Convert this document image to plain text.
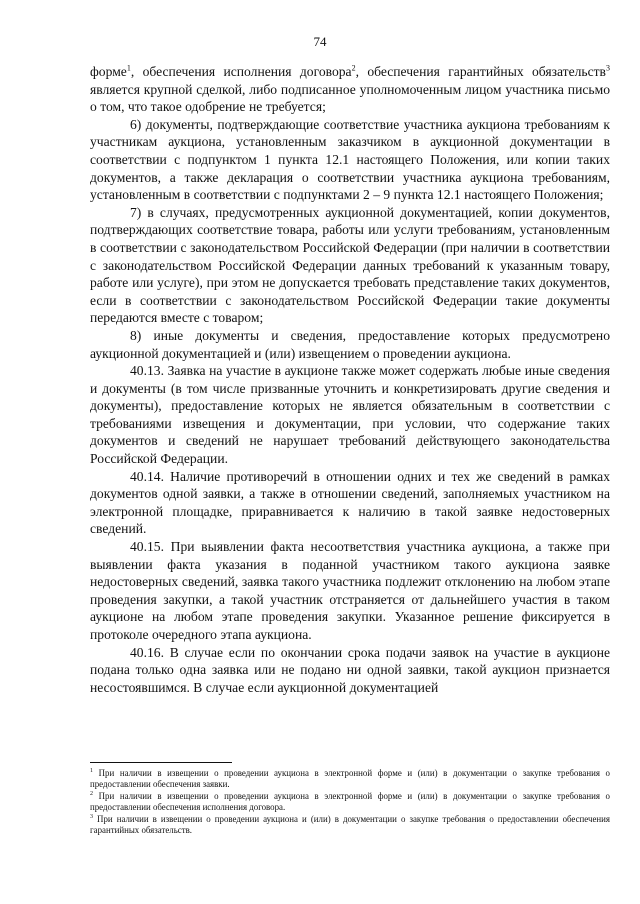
74

форме$^1$, обеспечения исполнения договора$^2$, обеспечения гарантийных обязательств$^3$ является крупной сделкой, либо подписанное уполномоченным лицом участника письмо о том, что такое одобрение не требуется;

6) документы, подтверждающие соответствие участника аукциона требованиям к участникам аукциона, установленным заказчиком в аукционной документации в соответствии с подпунктом 1 пункта 12.1 настоящего Положения, или копии таких документов, а также декларация о соответствии участника аукциона требованиям, установленным в соответствии с подпунктами 2 – 9 пункта 12.1 настоящего Положения;

7) в случаях, предусмотренных аукционной документацией, копии документов, подтверждающих соответствие товара, работы или услуги требованиям, установленным в соответствии с законодательством Российской Федерации (при наличии в соответствии с законодательством Российской Федерации данных требований к указанным товару, работе или услуге), при этом не допускается требовать представление таких документов, если в соответствии с законодательством Российской Федерации такие документы передаются вместе с товаром;

8) иные документы и сведения, предоставление которых предусмотрено аукционной документацией и (или) извещением о проведении аукциона.

40.13. Заявка на участие в аукционе также может содержать любые иные сведения и документы (в том числе призванные уточнить и конкретизировать другие сведения и документы), предоставление которых не является обязательным в соответствии с требованиями извещения и документации, при условии, что содержание таких документов и сведений не нарушает требований действующего законодательства Российской Федерации.

40.14. Наличие противоречий в отношении одних и тех же сведений в рамках документов одной заявки, а также в отношении сведений, заполняемых участником на электронной площадке, приравнивается к наличию в такой заявке недостоверных сведений.

40.15. При выявлении факта несоответствия участника аукциона, а также при выявлении факта указания в поданной участником такого аукциона заявке недостоверных сведений, заявка такого участника подлежит отклонению на любом этапе проведения закупки, а такой участник отстраняется от дальнейшего участия в таком аукционе на любом этапе проведения закупки. Указанное решение фиксируется в протоколе очередного этапа аукциона.

40.16. В случае если по окончании срока подачи заявок на участие в аукционе подана только одна заявка или не подано ни одной заявки, такой аукцион признается несостоявшимся. В случае если аукционной документацией

$^1$ При наличии в извещении о проведении аукциона в электронной форме и (или) в документации о закупке требования о предоставлении обеспечения заявки.

$^2$ При наличии в извещении о проведении аукциона в электронной форме и (или) в документации о закупке требования о предоставлении обеспечения исполнения договора.

$^3$ При наличии в извещении о проведении аукциона и (или) в документации о закупке требования о предоставлении обеспечения гарантийных обязательств.
